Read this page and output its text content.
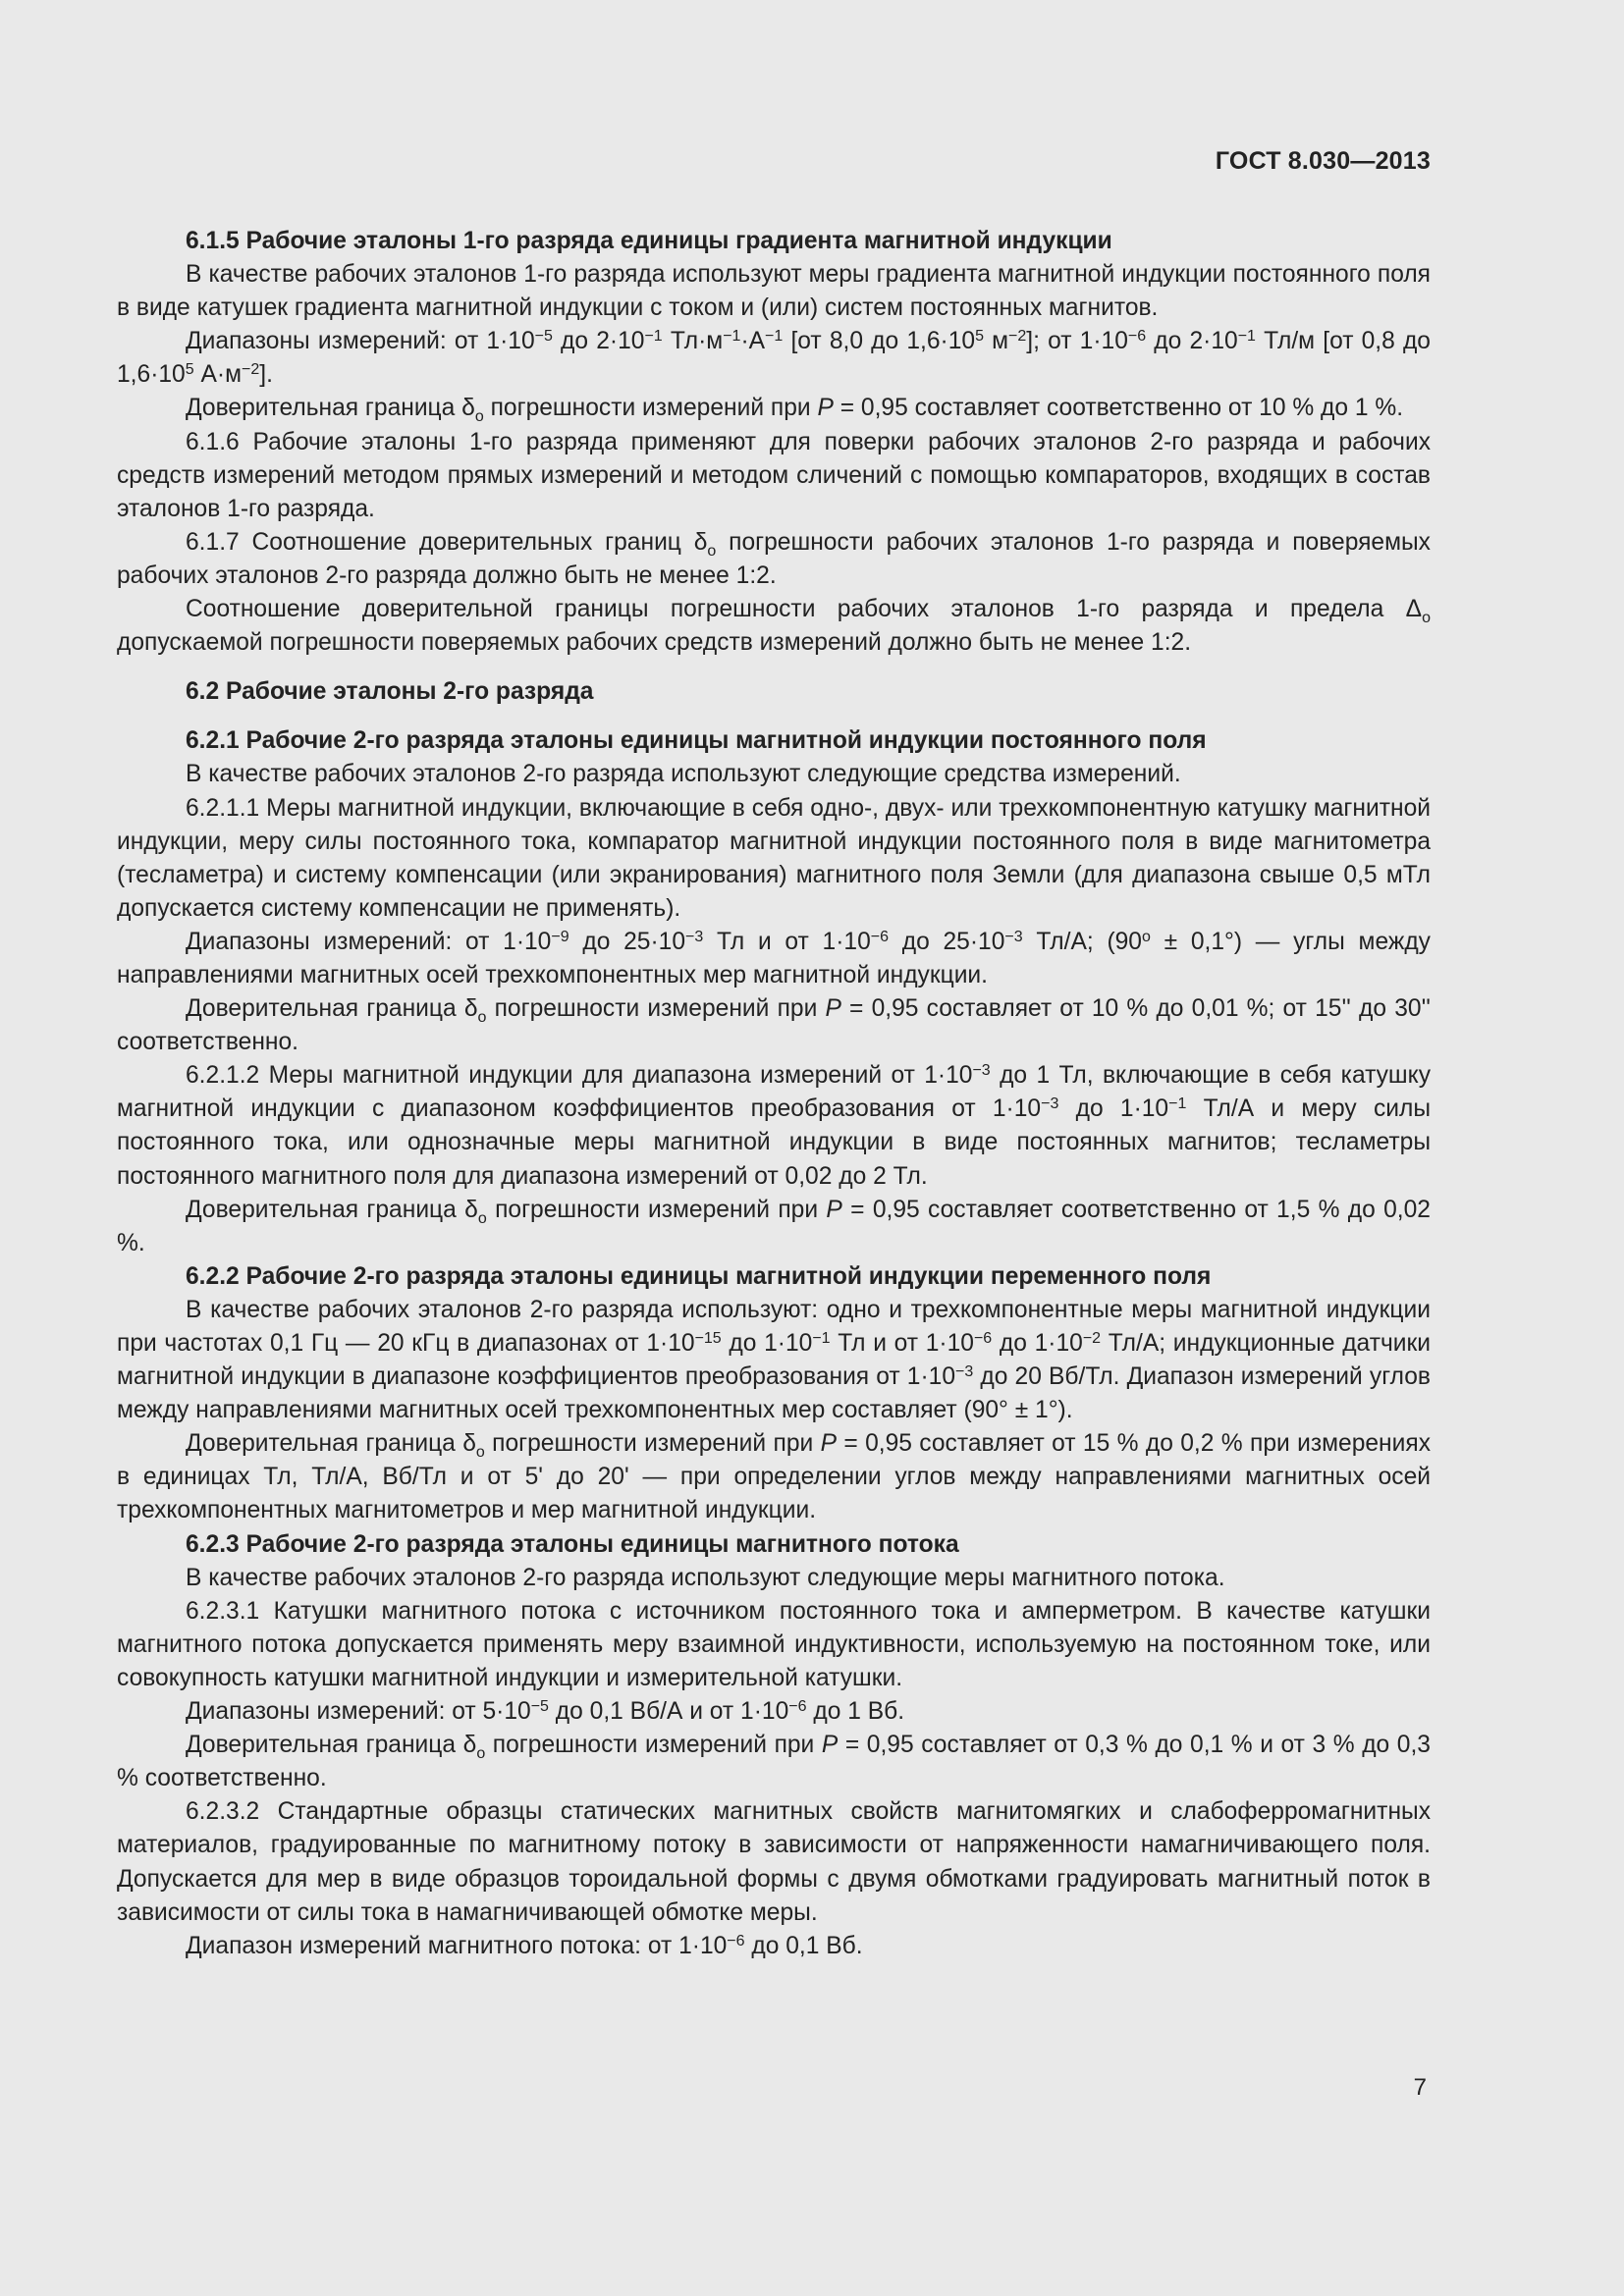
ГОСТ 8.030—2013

6.1.5 Рабочие эталоны 1-го разряда единицы градиента магнитной индукции

В качестве рабочих эталонов 1-го разряда используют меры градиента магнитной индукции постоянного поля в виде катушек градиента магнитной индукции с током и (или) систем постоянных магнитов.

Диапазоны измерений: от $1\cdot 10^{-5}$ до $2\cdot 10^{-1}$ $Тл\cdot м^{-1}\cdot А^{-1}$ [от 8,0 до $1,6\cdot 10^5$ $м^{-2}$]; от $1\cdot 10^{-6}$ до $2\cdot 10^{-1}$ Тл/м [от 0,8 до $1,6\cdot 10^5$ $А\cdot м^{-2}$].

Доверительная граница $\delta_o$ погрешности измерений при P = 0,95 составляет соответственно от 10 % до 1 %.

6.1.6 Рабочие эталоны 1-го разряда применяют для поверки рабочих эталонов 2-го разряда и рабочих средств измерений методом прямых измерений и методом сличений с помощью компараторов, входящих в состав эталонов 1-го разряда.

6.1.7 Соотношение доверительных границ $\delta_o$ погрешности рабочих эталонов 1-го разряда и поверяемых рабочих эталонов 2-го разряда должно быть не менее 1:2.

Соотношение доверительной границы погрешности рабочих эталонов 1-го разряда и предела $\Delta_o$ допускаемой погрешности поверяемых рабочих средств измерений должно быть не менее 1:2.

6.2 Рабочие эталоны 2-го разряда

6.2.1 Рабочие 2-го разряда эталоны единицы магнитной индукции постоянного поля

В качестве рабочих эталонов 2-го разряда используют следующие средства измерений.

6.2.1.1 Меры магнитной индукции, включающие в себя одно-, двух- или трехкомпонентную катушку магнитной индукции, меру силы постоянного тока, компаратор магнитной индукции постоянного поля в виде магнитометра (тесламетра) и систему компенсации (или экранирования) магнитного поля Земли (для диапазона свыше 0,5 мТл допускается систему компенсации не применять).

Диапазоны измерений: от $1\cdot 10^{-9}$ до $25\cdot 10^{-3}$ Тл и от $1\cdot 10^{-6}$ до $25\cdot 10^{-3}$ Тл/А; $(90^о \pm 0,1^\circ)$ — углы между направлениями магнитных осей трехкомпонентных мер магнитной индукции.

Доверительная граница $\delta_o$ погрешности измерений при P = 0,95 составляет от 10 % до 0,01 %; от 15'' до 30'' соответственно.

6.2.1.2 Меры магнитной индукции для диапазона измерений от $1\cdot 10^{-3}$ до 1 Тл, включающие в себя катушку магнитной индукции с диапазоном коэффициентов преобразования от $1\cdot 10^{-3}$ до $1\cdot 10^{-1}$ Тл/А и меру силы постоянного тока, или однозначные меры магнитной индукции в виде постоянных магнитов; тесламетры постоянного магнитного поля для диапазона измерений от 0,02 до 2 Тл.

Доверительная граница $\delta_o$ погрешности измерений при P = 0,95 составляет соответственно от 1,5 % до 0,02 %.

6.2.2 Рабочие 2-го разряда эталоны единицы магнитной индукции переменного поля

В качестве рабочих эталонов 2-го разряда используют: одно и трехкомпонентные меры магнитной индукции при частотах 0,1 Гц — 20 кГц в диапазонах от $1\cdot 10^{-15}$ до $1\cdot 10^{-1}$ Тл и от $1\cdot 10^{-6}$ до $1\cdot 10^{-2}$ Тл/А; индукционные датчики магнитной индукции в диапазоне коэффициентов преобразования от $1\cdot 10^{-3}$ до 20 Вб/Тл. Диапазон измерений углов между направлениями магнитных осей трехкомпонентных мер составляет (90° ± 1°).

Доверительная граница $\delta_o$ погрешности измерений при P = 0,95 составляет от 15 % до 0,2 % при измерениях в единицах Тл, Тл/А, Вб/Тл и от 5' до 20' — при определении углов между направлениями магнитных осей трехкомпонентных магнитометров и мер магнитной индукции.

6.2.3 Рабочие 2-го разряда эталоны единицы магнитного потока

В качестве рабочих эталонов 2-го разряда используют следующие меры магнитного потока.

6.2.3.1 Катушки магнитного потока с источником постоянного тока и амперметром. В качестве катушки магнитного потока допускается применять меру взаимной индуктивности, используемую на постоянном токе, или совокупность катушки магнитной индукции и измерительной катушки.

Диапазоны измерений: от $5\cdot 10^{-5}$ до 0,1 Вб/А и от $1\cdot 10^{-6}$ до 1 Вб.

Доверительная граница $\delta_o$ погрешности измерений при P = 0,95 составляет от 0,3 % до 0,1 % и от 3 % до 0,3 % соответственно.

6.2.3.2 Стандартные образцы статических магнитных свойств магнитомягких и слабоферромагнитных материалов, градуированные по магнитному потоку в зависимости от напряженности намагничивающего поля. Допускается для мер в виде образцов тороидальной формы с двумя обмотками градуировать магнитный поток в зависимости от силы тока в намагничивающей обмотке меры.

Диапазон измерений магнитного потока: от $1\cdot 10^{-6}$ до 0,1 Вб.

7
